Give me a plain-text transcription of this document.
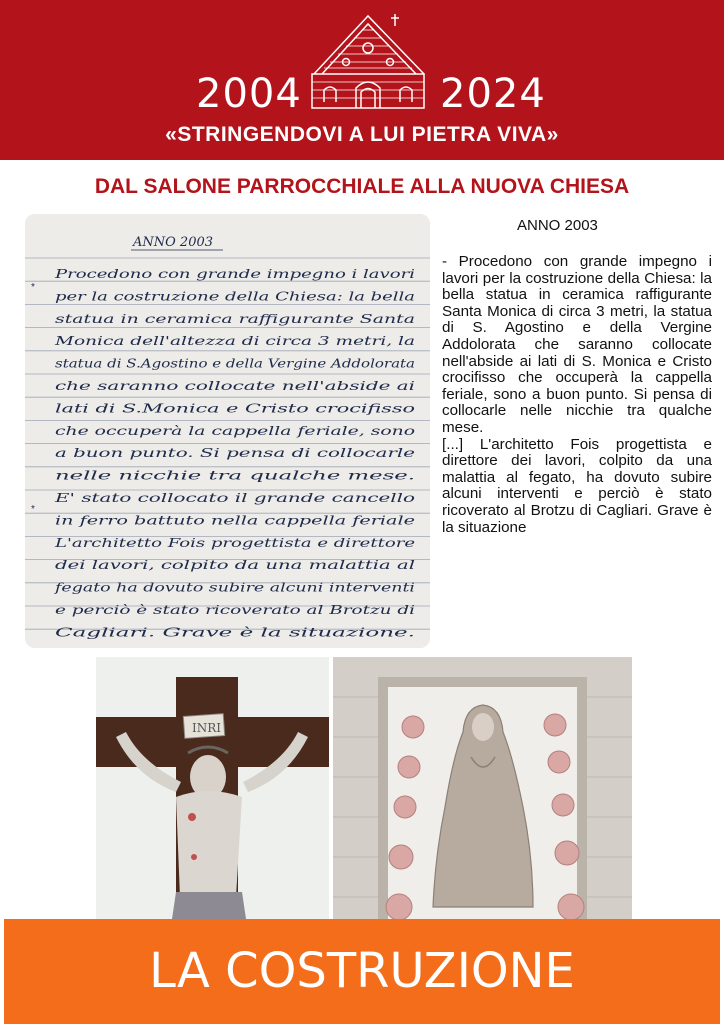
2004	2024
«STRINGENDOVI A LUI PIETRA VIVA»
DAL SALONE PARROCCHIALE ALLA NUOVA CHIESA
ANNO 2003
Procedono con grande impegno i lavori
per la costruzione della Chiesa: la bella
statua in ceramica raffigurante Santa
Monica dell'altezza di circa 3 metri, la
statua di S.Agostino e della Vergine Addolorata
che saranno collocate nell'abside ai
lati di S.Monica e Cristo crocifisso
che occuperà la cappella feriale, sono
a buon punto. Si pensa di collocarle
nelle nicchie tra qualche mese.
E' stato collocato il grande cancello
in ferro battuto nella cappella feriale
L'architetto Fois progettista e direttore
dei lavori, colpito da una malattia al
fegato ha dovuto subire alcuni interventi
e perciò è stato ricoverato al Brotzu di
Cagliari. Grave è la situazione.
*
*
ANNO 2003

- Procedono con grande impegno i lavori per la costruzione della Chiesa: la bella statua in ceramica raffigurante Santa Monica di circa 3 metri, la statua di S. Agostino e della Vergine Addolorata che saranno collocate nell'abside ai lati di S. Monica e Cristo crocifisso che occuperà la cappella feriale, sono a buon punto. Si pensa di collocarle nelle nicchie tra qualche mese.

[...] L'architetto Fois progettista e direttore dei lavori, colpito da una malattia al fegato, ha dovuto subire alcuni interventi e perciò è stato ricoverato al Brotzu di Cagliari. Grave è la situazione

INRI
LA COSTRUZIONE
